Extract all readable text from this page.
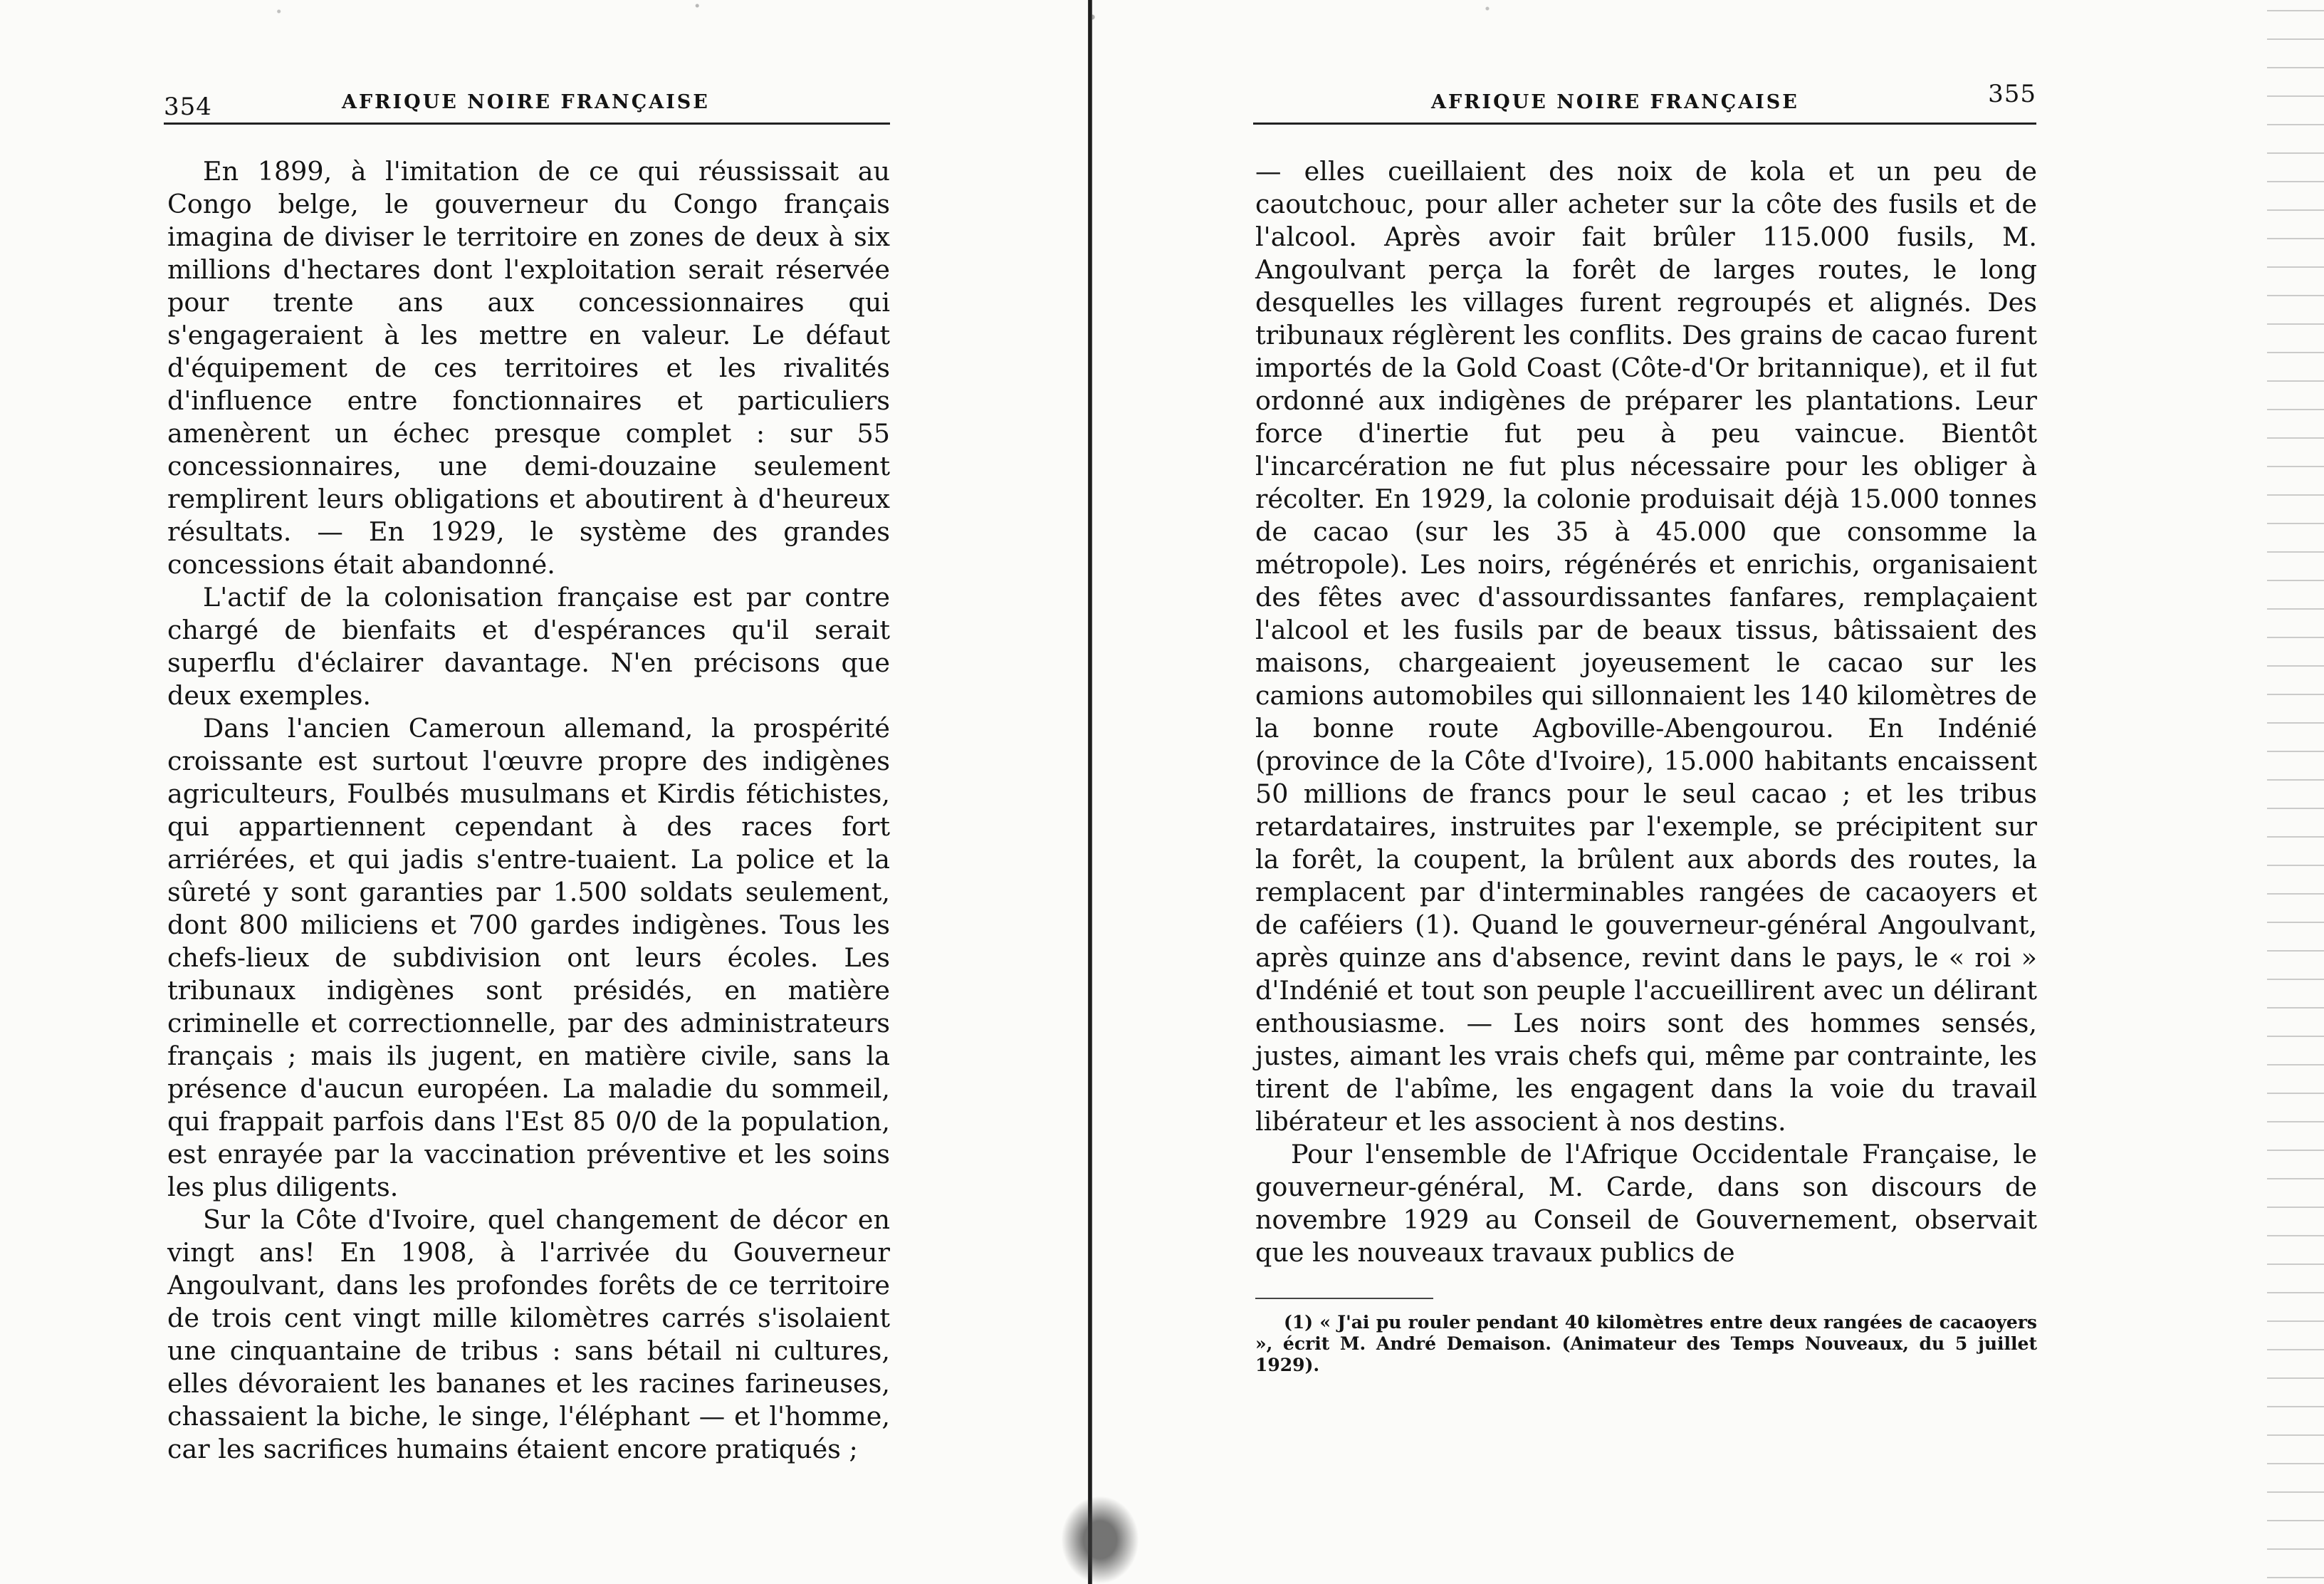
354	AFRIQUE NOIRE FRANÇAISE

En 1899, à l'imitation de ce qui réussissait au Congo belge, le gouverneur du Congo français imagina de diviser le territoire en zones de deux à six millions d'hectares dont l'exploitation serait réservée pour trente ans aux concessionnaires qui s'engageraient à les mettre en valeur. Le défaut d'équipement de ces territoires et les rivalités d'influence entre fonctionnaires et particuliers amenèrent un échec presque complet : sur 55 concessionnaires, une demi-douzaine seulement remplirent leurs obligations et aboutirent à d'heureux résultats. — En 1929, le système des grandes concessions était abandonné.

L'actif de la colonisation française est par contre chargé de bienfaits et d'espérances qu'il serait superflu d'éclairer davantage. N'en précisons que deux exemples.

Dans l'ancien Cameroun allemand, la prospérité croissante est surtout l'œuvre propre des indigènes agriculteurs, Foulbés musulmans et Kirdis fétichistes, qui appartiennent cependant à des races fort arriérées, et qui jadis s'entre-tuaient. La police et la sûreté y sont garanties par 1.500 soldats seulement, dont 800 miliciens et 700 gardes indigènes. Tous les chefs-lieux de subdivision ont leurs écoles. Les tribunaux indigènes sont présidés, en matière criminelle et correctionnelle, par des administrateurs français ; mais ils jugent, en matière civile, sans la présence d'aucun européen. La maladie du sommeil, qui frappait parfois dans l'Est 85 0/0 de la population, est enrayée par la vaccination préventive et les soins les plus diligents.

Sur la Côte d'Ivoire, quel changement de décor en vingt ans! En 1908, à l'arrivée du Gouverneur Angoulvant, dans les profondes forêts de ce territoire de trois cent vingt mille kilomètres carrés s'isolaient une cinquantaine de tribus : sans bétail ni cultures, elles dévoraient les bananes et les racines farineuses, chassaient la biche, le singe, l'éléphant — et l'homme, car les sacrifices humains étaient encore pratiqués ;

AFRIQUE NOIRE FRANÇAISE	355

— elles cueillaient des noix de kola et un peu de caoutchouc, pour aller acheter sur la côte des fusils et de l'alcool. Après avoir fait brûler 115.000 fusils, M. Angoulvant perça la forêt de larges routes, le long desquelles les villages furent regroupés et alignés. Des tribunaux réglèrent les conflits. Des grains de cacao furent importés de la Gold Coast (Côte-d'Or britannique), et il fut ordonné aux indigènes de préparer les plantations. Leur force d'inertie fut peu à peu vaincue. Bientôt l'incarcération ne fut plus nécessaire pour les obliger à récolter. En 1929, la colonie produisait déjà 15.000 tonnes de cacao (sur les 35 à 45.000 que consomme la métropole). Les noirs, régénérés et enrichis, organisaient des fêtes avec d'assourdissantes fanfares, remplaçaient l'alcool et les fusils par de beaux tissus, bâtissaient des maisons, chargeaient joyeusement le cacao sur les camions automobiles qui sillonnaient les 140 kilomètres de la bonne route Agboville-Abengourou. En Indénié (province de la Côte d'Ivoire), 15.000 habitants encaissent 50 millions de francs pour le seul cacao ; et les tribus retardataires, instruites par l'exemple, se précipitent sur la forêt, la coupent, la brûlent aux abords des routes, la remplacent par d'interminables rangées de cacaoyers et de caféiers (1). Quand le gouverneur-général Angoulvant, après quinze ans d'absence, revint dans le pays, le « roi » d'Indénié et tout son peuple l'accueillirent avec un délirant enthousiasme. — Les noirs sont des hommes sensés, justes, aimant les vrais chefs qui, même par contrainte, les tirent de l'abîme, les engagent dans la voie du travail libérateur et les associent à nos destins.

Pour l'ensemble de l'Afrique Occidentale Française, le gouverneur-général, M. Carde, dans son discours de novembre 1929 au Conseil de Gouvernement, observait que les nouveaux travaux publics de

(1) « J'ai pu rouler pendant 40 kilomètres entre deux rangées de cacaoyers », écrit M. André Demaison. (Animateur des Temps Nouveaux, du 5 juillet 1929).
